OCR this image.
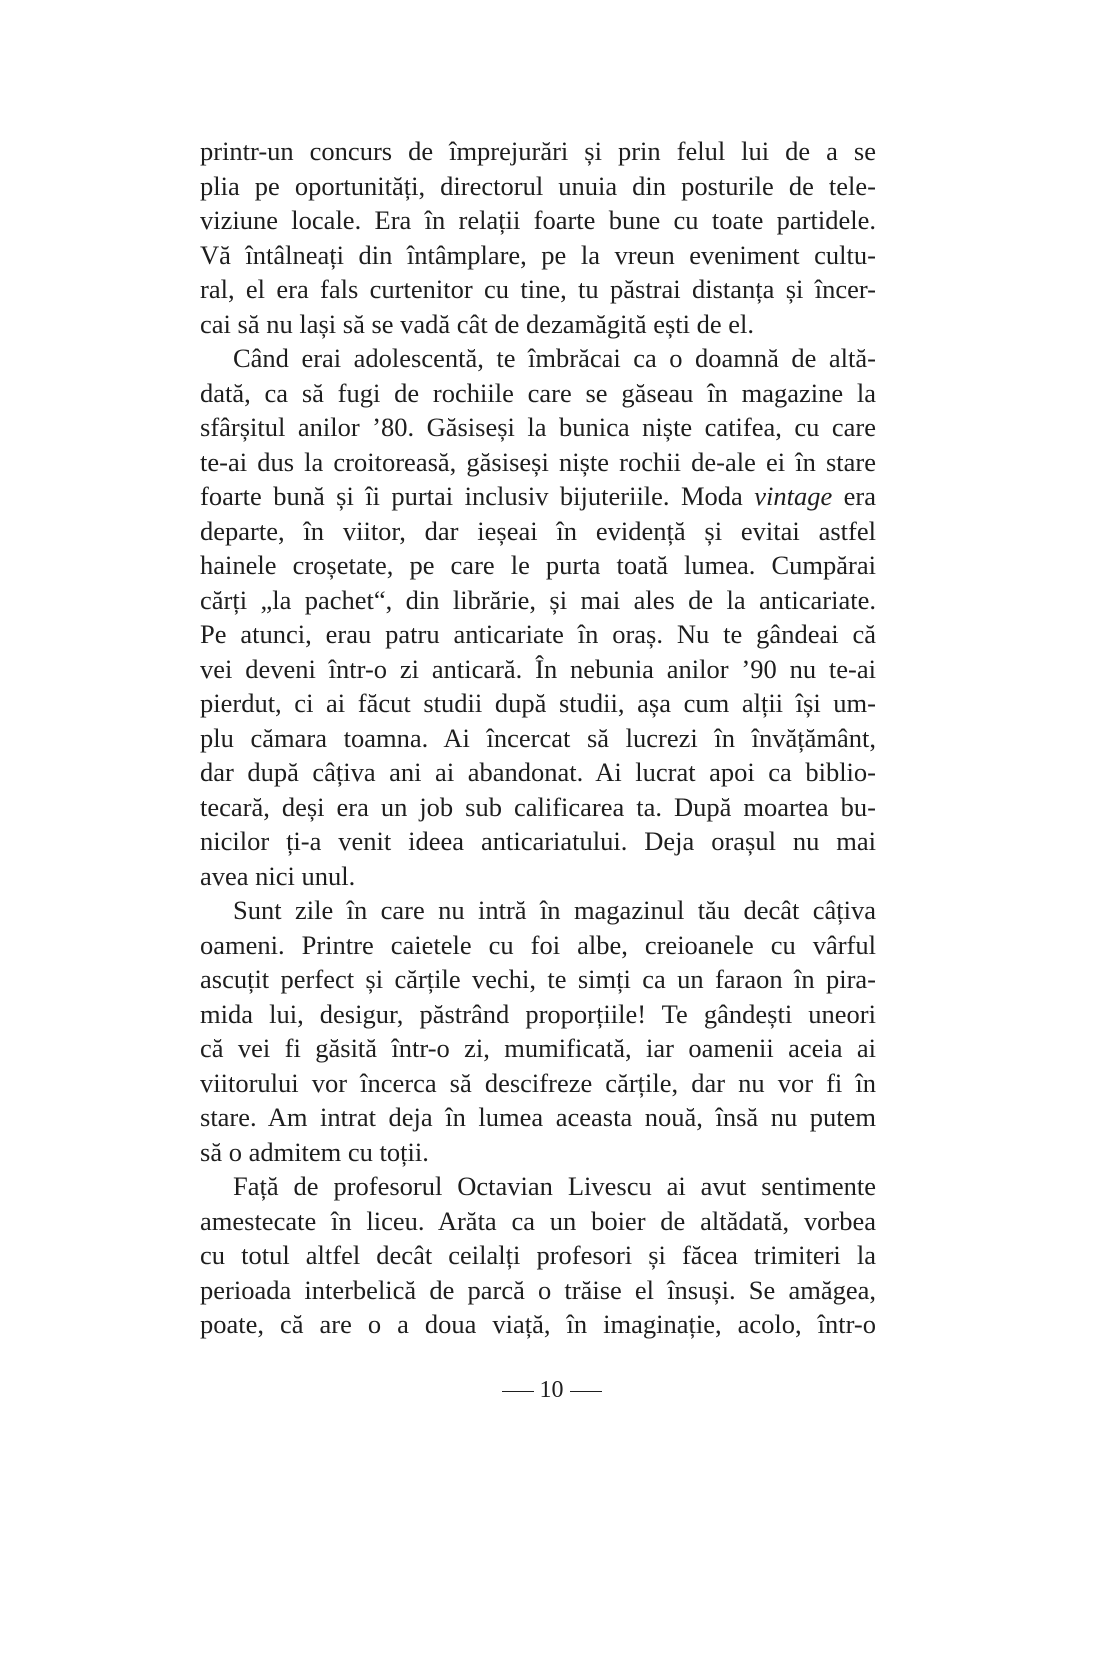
printr-un concurs de împrejurări și prin felul lui de a se
plia pe oportunități, directorul unuia din posturile de tele-
viziune locale. Era în relații foarte bune cu toate partidele.
Vă întâlneați din întâmplare, pe la vreun eveniment cultu-
ral, el era fals curtenitor cu tine, tu păstrai distanța și încer-
cai să nu lași să se vadă cât de dezamăgită ești de el.
Când erai adolescentă, te îmbrăcai ca o doamnă de altă-
dată, ca să fugi de rochiile care se găseau în magazine la
sfârșitul anilor ’80. Găsiseși la bunica niște catifea, cu care
te-ai dus la croitoreasă, găsiseși niște rochii de-ale ei în stare
foarte bună și îi purtai inclusiv bijuteriile. Moda vintage era
departe, în viitor, dar ieșeai în evidență și evitai astfel
hainele croșetate, pe care le purta toată lumea. Cumpărai
cărți „la pachet“, din librărie, și mai ales de la anticariate.
Pe atunci, erau patru anticariate în oraș. Nu te gândeai că
vei deveni într-o zi anticară. În nebunia anilor ’90 nu te-ai
pierdut, ci ai făcut studii după studii, așa cum alții își um-
plu cămara toamna. Ai încercat să lucrezi în învățământ,
dar după câțiva ani ai abandonat. Ai lucrat apoi ca biblio-
tecară, deși era un job sub calificarea ta. După moartea bu-
nicilor ți-a venit ideea anticariatului. Deja orașul nu mai
avea nici unul.
Sunt zile în care nu intră în magazinul tău decât câțiva
oameni. Printre caietele cu foi albe, creioanele cu vârful
ascuțit perfect și cărțile vechi, te simți ca un faraon în pira-
mida lui, desigur, păstrând proporțiile! Te gândești uneori
că vei fi găsită într-o zi, mumificată, iar oamenii aceia ai
viitorului vor încerca să descifreze cărțile, dar nu vor fi în
stare. Am intrat deja în lumea aceasta nouă, însă nu putem
să o admitem cu toții.
Față de profesorul Octavian Livescu ai avut sentimente
amestecate în liceu. Arăta ca un boier de altădată, vorbea
cu totul altfel decât ceilalți profesori și făcea trimiteri la
perioada interbelică de parcă o trăise el însuși. Se amăgea,
poate, că are o a doua viață, în imaginație, acolo, într-o
10
